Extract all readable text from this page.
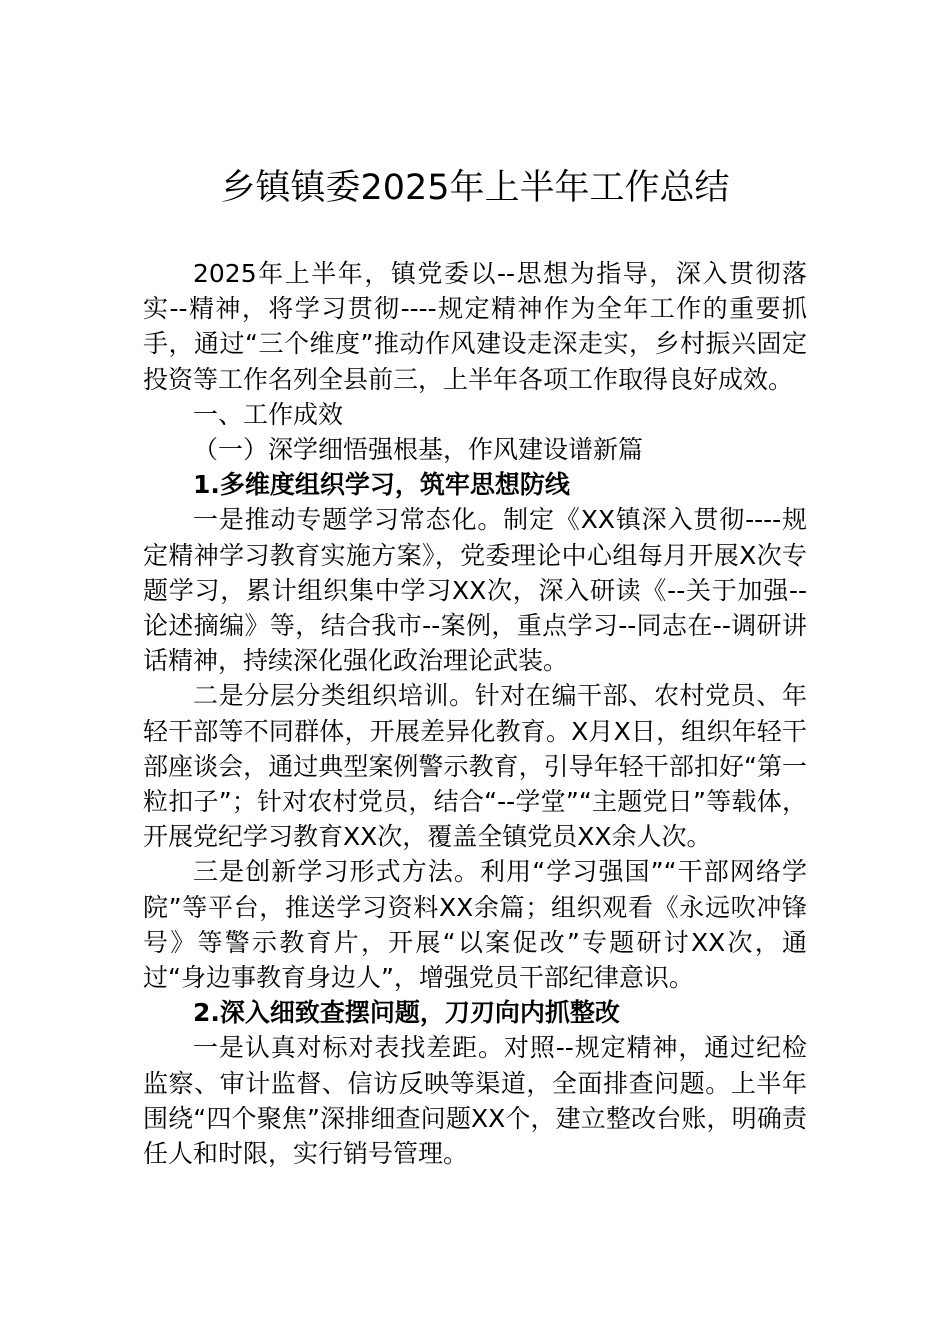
乡镇镇委2025年上半年工作总结

2025年上半年，镇党委以--思想为指导，深入贯彻落实--精神，将学习贯彻----规定精神作为全年工作的重要抓手，通过“三个维度”推动作风建设走深走实，乡村振兴固定投资等工作名列全县前三，上半年各项工作取得良好成效。

一、工作成效

（一）深学细悟强根基，作风建设谱新篇

1.多维度组织学习，筑牢思想防线

一是推动专题学习常态化。制定《XX镇深入贯彻----规定精神学习教育实施方案》，党委理论中心组每月开展X次专题学习，累计组织集中学习XX次，深入研读《--关于加强--论述摘编》等，结合我市--案例，重点学习--同志在--调研讲话精神，持续深化强化政治理论武装。

二是分层分类组织培训。针对在编干部、农村党员、年轻干部等不同群体，开展差异化教育。X月X日，组织年轻干部座谈会，通过典型案例警示教育，引导年轻干部扣好“第一粒扣子”；针对农村党员，结合“--学堂”“主题党日”等载体，开展党纪学习教育XX次，覆盖全镇党员XX余人次。

三是创新学习形式方法。利用“学习强国”“干部网络学院”等平台，推送学习资料XX余篇；组织观看《永远吹冲锋号》等警示教育片，开展“以案促改”专题研讨XX次，通过“身边事教育身边人”，增强党员干部纪律意识。

2.深入细致查摆问题，刀刃向内抓整改

一是认真对标对表找差距。对照--规定精神，通过纪检监察、审计监督、信访反映等渠道，全面排查问题。上半年围绕“四个聚焦”深排细查问题XX个，建立整改台账，明确责任人和时限，实行销号管理。
